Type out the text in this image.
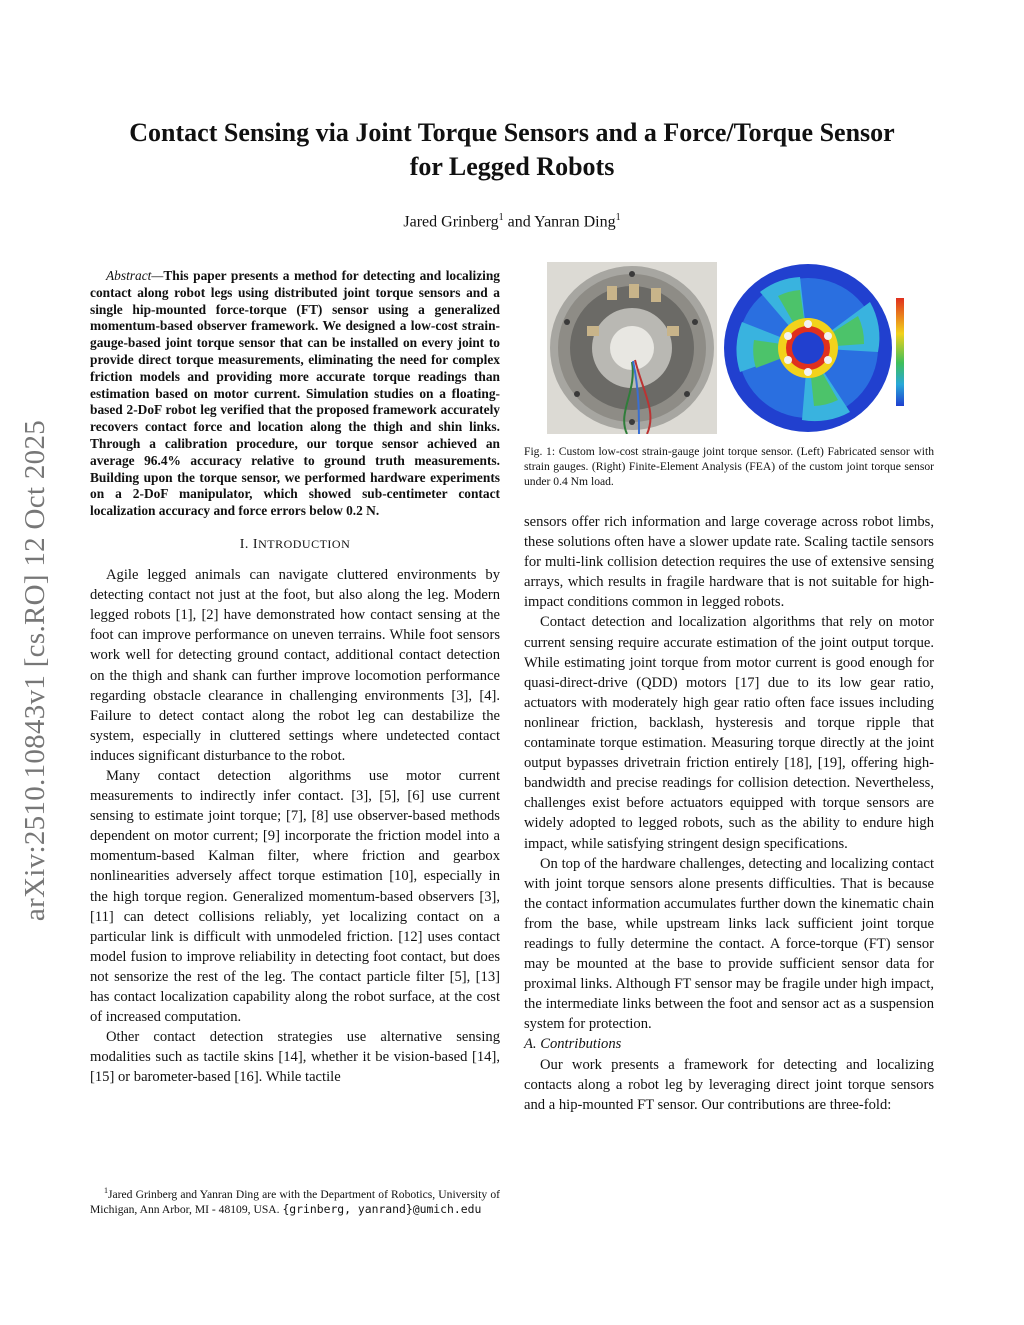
arXiv:2510.10843v1 [cs.RO] 12 Oct 2025
Contact Sensing via Joint Torque Sensors and a Force/Torque Sensor
for Legged Robots
Jared Grinberg$^1$ and Yanran Ding$^1$

Abstract—This paper presents a method for detecting and localizing contact along robot legs using distributed joint torque sensors and a single hip-mounted force-torque (FT) sensor using a generalized momentum-based observer framework. We designed a low-cost strain-gauge-based joint torque sensor that can be installed on every joint to provide direct torque measurements, eliminating the need for complex friction models and providing more accurate torque readings than estimation based on motor current. Simulation studies on a floating-based 2-DoF robot leg verified that the proposed framework accurately recovers contact force and location along the thigh and shin links. Through a calibration procedure, our torque sensor achieved an average 96.4% accuracy relative to ground truth measurements. Building upon the torque sensor, we performed hardware experiments on a 2-DoF manipulator, which showed sub-centimeter contact localization accuracy and force errors below 0.2 N.

I. INTRODUCTION

Agile legged animals can navigate cluttered environments by detecting contact not just at the foot, but also along the leg. Modern legged robots [1], [2] have demonstrated how contact sensing at the foot can improve performance on uneven terrains. While foot sensors work well for detecting ground contact, additional contact detection on the thigh and shank can further improve locomotion performance regarding obstacle clearance in challenging environments [3], [4]. Failure to detect contact along the robot leg can destabilize the system, especially in cluttered settings where undetected contact induces significant disturbance to the robot.

Many contact detection algorithms use motor current measurements to indirectly infer contact. [3], [5], [6] use current sensing to estimate joint torque; [7], [8] use observer-based methods dependent on motor current; [9] incorporate the friction model into a momentum-based Kalman filter, where friction and gearbox nonlinearities adversely affect torque estimation [10], especially in the high torque region. Generalized momentum-based observers [3], [11] can detect collisions reliably, yet localizing contact on a particular link is difficult with unmodeled friction. [12] uses contact model fusion to improve reliability in detecting foot contact, but does not sensorize the rest of the leg. The contact particle filter [5], [13] has contact localization capability along the robot surface, at the cost of increased computation.

Other contact detection strategies use alternative sensing modalities such as tactile skins [14], whether it be vision-based [14], [15] or barometer-based [16]. While tactile

$^1$Jared Grinberg and Yanran Ding are with the Department of Robotics, University of Michigan, Ann Arbor, MI - 48109, USA. {grinberg, yanrand}@umich.edu
Fig. 1: Custom low-cost strain-gauge joint torque sensor. (Left) Fabricated sensor with strain gauges. (Right) Finite-Element Analysis (FEA) of the custom joint torque sensor under 0.4 Nm load.

sensors offer rich information and large coverage across robot limbs, these solutions often have a slower update rate. Scaling tactile sensors for multi-link collision detection requires the use of extensive sensing arrays, which results in fragile hardware that is not suitable for high-impact conditions common in legged robots.

Contact detection and localization algorithms that rely on motor current sensing require accurate estimation of the joint output torque. While estimating joint torque from motor current is good enough for quasi-direct-drive (QDD) motors [17] due to its low gear ratio, actuators with moderately high gear ratio often face issues including nonlinear friction, backlash, hysteresis and torque ripple that contaminate torque estimation. Measuring torque directly at the joint output bypasses drivetrain friction entirely [18], [19], offering high-bandwidth and precise readings for collision detection. Nevertheless, challenges exist before actuators equipped with torque sensors are widely adopted to legged robots, such as the ability to endure high impact, while satisfying stringent design specifications.

On top of the hardware challenges, detecting and localizing contact with joint torque sensors alone presents difficulties. That is because the contact information accumulates further down the kinematic chain from the base, while upstream links lack sufficient joint torque readings to fully determine the contact. A force-torque (FT) sensor may be mounted at the base to provide sufficient sensor data for proximal links. Although FT sensor may be fragile under high impact, the intermediate links between the foot and sensor act as a suspension system for protection.

A. Contributions

Our work presents a framework for detecting and localizing contacts along a robot leg by leveraging direct joint torque sensors and a hip-mounted FT sensor. Our contributions are three-fold:
